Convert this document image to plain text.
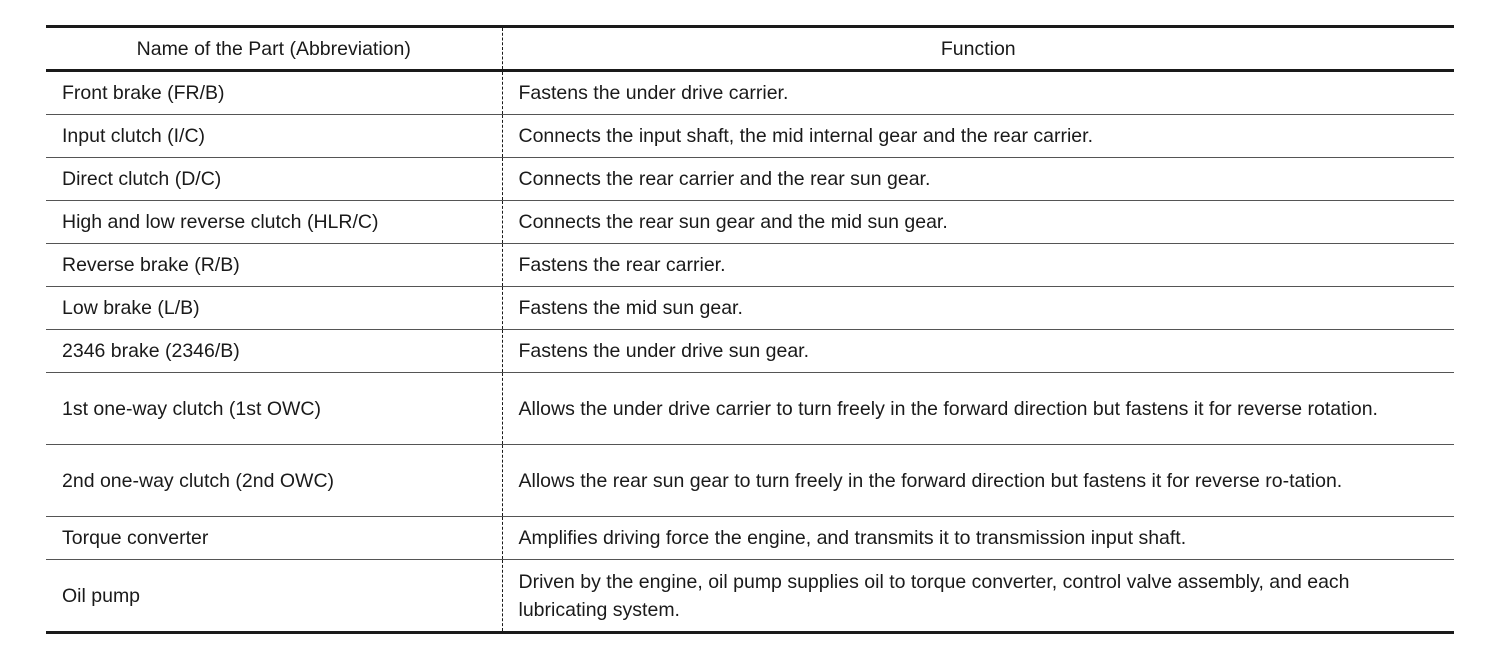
Name of the Part (Abbreviation)	Function
Front brake (FR/B)	Fastens the under drive carrier.
Input clutch (I/C)	Connects the input shaft, the mid internal gear and the rear carrier.
Direct clutch (D/C)	Connects the rear carrier and the rear sun gear.
High and low reverse clutch (HLR/C)	Connects the rear sun gear and the mid sun gear.
Reverse brake (R/B)	Fastens the rear carrier.
Low brake (L/B)	Fastens the mid sun gear.
2346 brake (2346/B)	Fastens the under drive sun gear.
1st one-way clutch (1st OWC)	Allows the under drive carrier to turn freely in the forward direction but fastens it for reverse rotation.
2nd one-way clutch (2nd OWC)	Allows the rear sun gear to turn freely in the forward direction but fastens it for reverse ro-tation.
Torque converter	Amplifies driving force the engine, and transmits it to transmission input shaft.
Oil pump	Driven by the engine, oil pump supplies oil to torque converter, control valve assembly, and each lubricating system.
